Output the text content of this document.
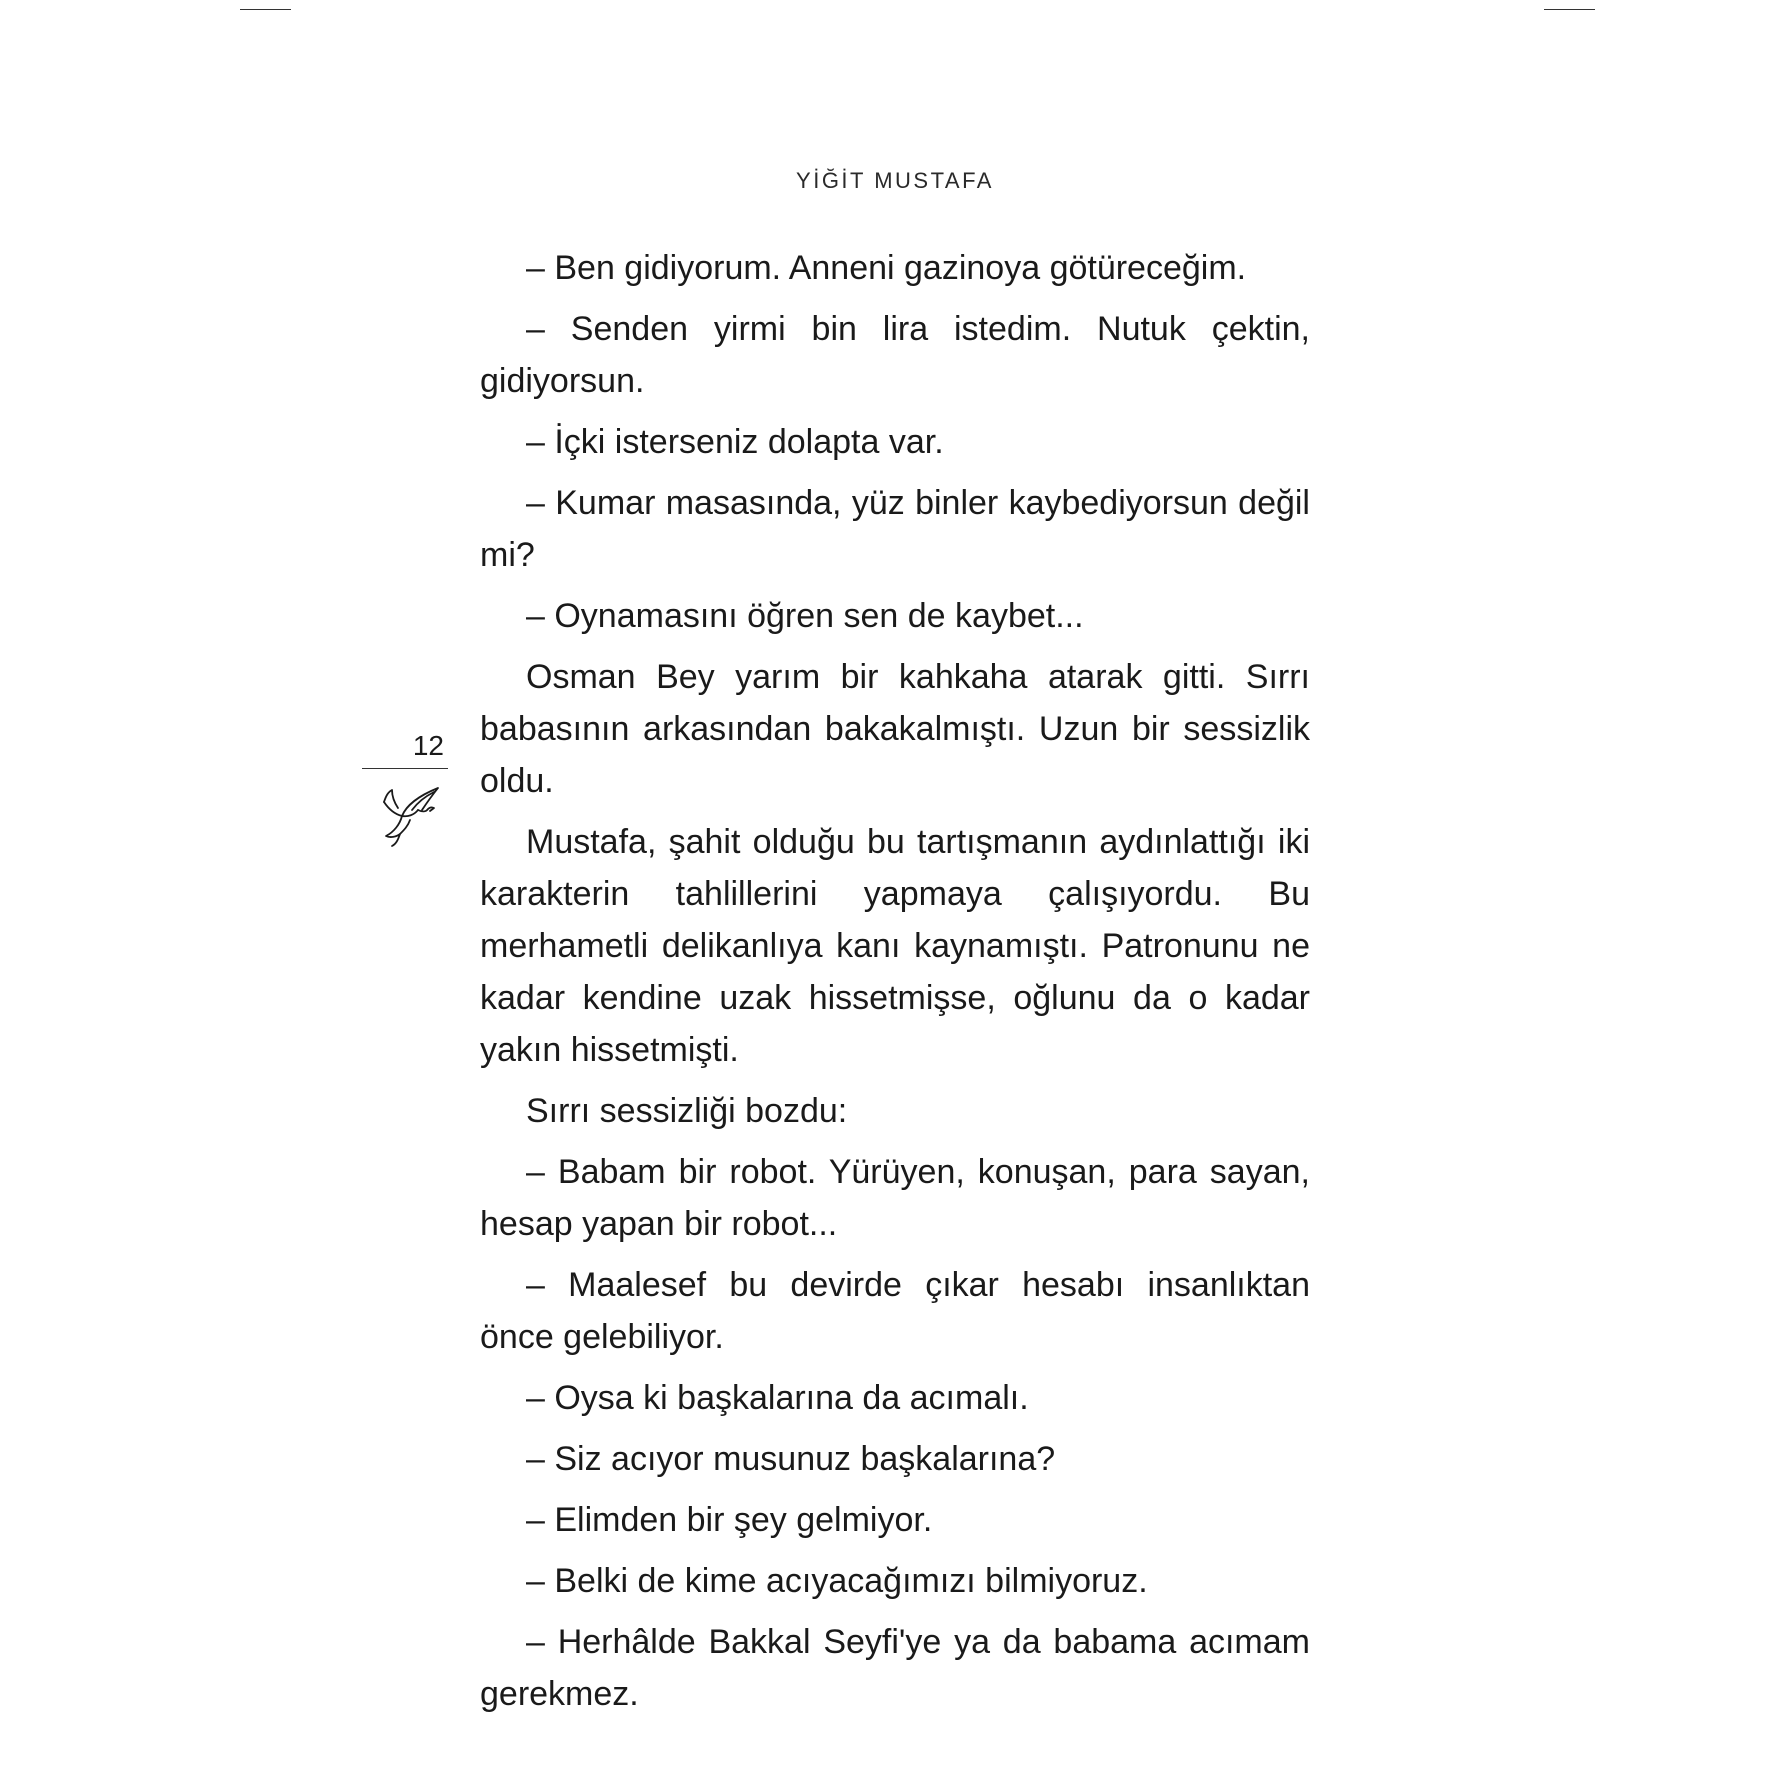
YİĞİT MUSTAFA

– Ben gidiyorum. Anneni gazinoya götüreceğim.

– Senden yirmi bin lira istedim. Nutuk çektin, gidiyorsun.

– İçki isterseniz dolapta var.

– Kumar masasında, yüz binler kaybediyorsun değil mi?

– Oynamasını öğren sen de kaybet...

Osman Bey yarım bir kahkaha atarak gitti. Sırrı babasının arkasından bakakalmıştı. Uzun bir sessizlik oldu.

Mustafa, şahit olduğu bu tartışmanın aydınlattığı iki karakterin tahlillerini yapmaya çalışıyordu. Bu merhametli delikanlıya kanı kaynamıştı. Patronunu ne kadar kendine uzak hissetmişse, oğlunu da o kadar yakın hissetmişti.

Sırrı sessizliği bozdu:

– Babam bir robot. Yürüyen, konuşan, para sayan, hesap yapan bir robot...

– Maalesef bu devirde çıkar hesabı insanlıktan önce gelebiliyor.

– Oysa ki başkalarına da acımalı.

– Siz acıyor musunuz başkalarına?

– Elimden bir şey gelmiyor.

– Belki de kime acıyacağımızı bilmiyoruz.

– Herhâlde Bakkal Seyfi'ye ya da babama acımam gerekmez.

12
